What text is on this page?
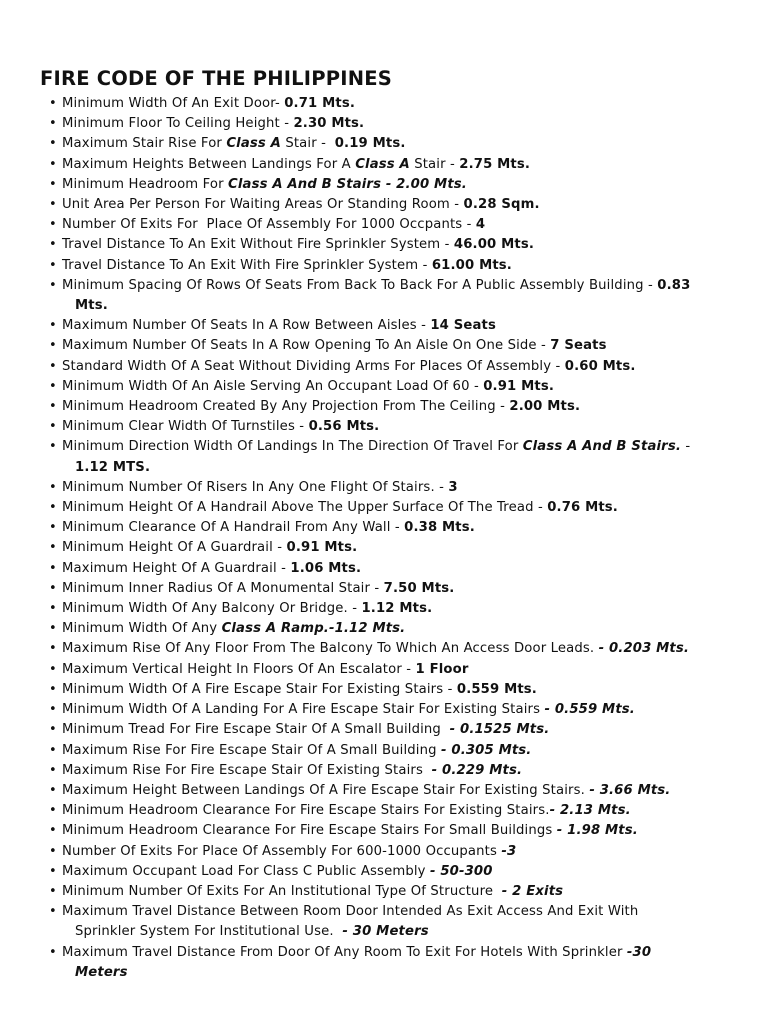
FIRE CODE OF THE PHILIPPINES
• Minimum Width Of An Exit Door- 0.71 Mts.
• Minimum Floor To Ceiling Height - 2.30 Mts.
• Maximum Stair Rise For Class A Stair -  0.19 Mts.
• Maximum Heights Between Landings For A Class A Stair - 2.75 Mts.
• Minimum Headroom For Class A And B Stairs - 2.00 Mts.
• Unit Area Per Person For Waiting Areas Or Standing Room - 0.28 Sqm.
• Number Of Exits For  Place Of Assembly For 1000 Occpants - 4
• Travel Distance To An Exit Without Fire Sprinkler System - 46.00 Mts.
• Travel Distance To An Exit With Fire Sprinkler System - 61.00 Mts.
• Minimum Spacing Of Rows Of Seats From Back To Back For A Public Assembly Building - 0.83
Mts.
• Maximum Number Of Seats In A Row Between Aisles - 14 Seats
• Maximum Number Of Seats In A Row Opening To An Aisle On One Side - 7 Seats
• Standard Width Of A Seat Without Dividing Arms For Places Of Assembly - 0.60 Mts.
• Minimum Width Of An Aisle Serving An Occupant Load Of 60 - 0.91 Mts.
• Minimum Headroom Created By Any Projection From The Ceiling - 2.00 Mts.
• Minimum Clear Width Of Turnstiles - 0.56 Mts.
• Minimum Direction Width Of Landings In The Direction Of Travel For Class A And B Stairs. -
1.12 MTS.
• Minimum Number Of Risers In Any One Flight Of Stairs. - 3
• Minimum Height Of A Handrail Above The Upper Surface Of The Tread - 0.76 Mts.
• Minimum Clearance Of A Handrail From Any Wall - 0.38 Mts.
• Minimum Height Of A Guardrail - 0.91 Mts.
• Maximum Height Of A Guardrail - 1.06 Mts.
• Minimum Inner Radius Of A Monumental Stair - 7.50 Mts.
• Minimum Width Of Any Balcony Or Bridge. - 1.12 Mts.
• Minimum Width Of Any Class A Ramp.-1.12 Mts.
• Maximum Rise Of Any Floor From The Balcony To Which An Access Door Leads. - 0.203 Mts.
• Maximum Vertical Height In Floors Of An Escalator - 1 Floor
• Minimum Width Of A Fire Escape Stair For Existing Stairs - 0.559 Mts.
• Minimum Width Of A Landing For A Fire Escape Stair For Existing Stairs - 0.559 Mts.
• Minimum Tread For Fire Escape Stair Of A Small Building  - 0.1525 Mts.
• Maximum Rise For Fire Escape Stair Of A Small Building - 0.305 Mts.
• Maximum Rise For Fire Escape Stair Of Existing Stairs  - 0.229 Mts.
• Maximum Height Between Landings Of A Fire Escape Stair For Existing Stairs. - 3.66 Mts.
• Minimum Headroom Clearance For Fire Escape Stairs For Existing Stairs.- 2.13 Mts.
• Minimum Headroom Clearance For Fire Escape Stairs For Small Buildings - 1.98 Mts.
• Number Of Exits For Place Of Assembly For 600-1000 Occupants -3
• Maximum Occupant Load For Class C Public Assembly - 50-300
• Minimum Number Of Exits For An Institutional Type Of Structure  - 2 Exits
• Maximum Travel Distance Between Room Door Intended As Exit Access And Exit With
Sprinkler System For Institutional Use.  - 30 Meters
• Maximum Travel Distance From Door Of Any Room To Exit For Hotels With Sprinkler -30
Meters
